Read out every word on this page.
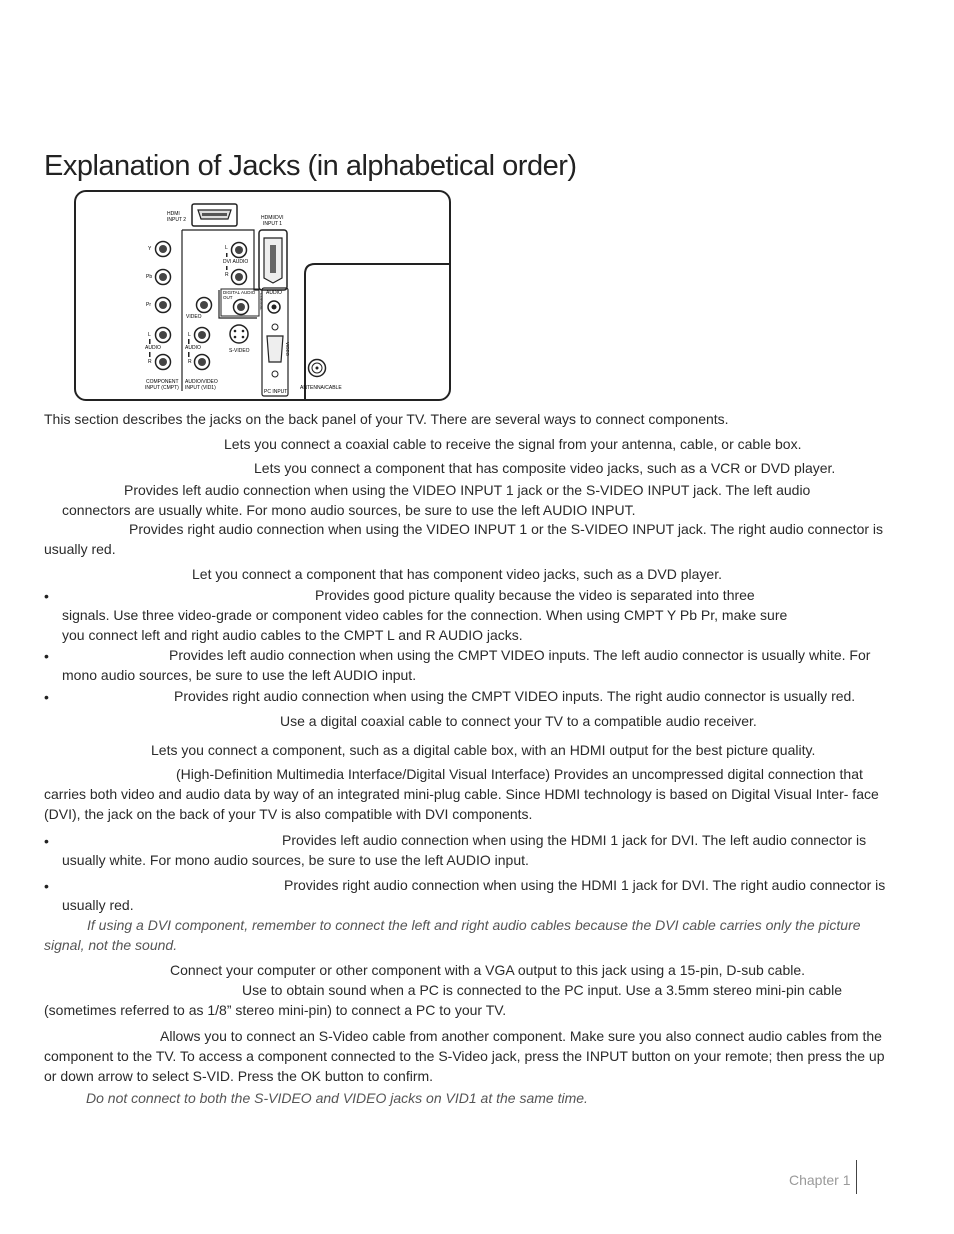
Explanation of Jacks (in alphabetical order)
HDMI
INPUT 2	HDMI/DVI
INPUT 1
Y
Pb
Pr
L
AUDIO
R
COMPONENT
INPUT (CMPT)
VIDEO
L
AUDIO
R
S-VIDEO
AUDIO/VIDEO
INPUT (VID1)
L
DVI AUDIO
R
DIGITAL AUDIO
OUT	COAXIAL AUDIO
VIDEO
PC INPUT
ANTENNA/CABLE

This section describes the jacks on the back panel of your TV. There are several ways to connect components.

Lets you connect a coaxial cable to receive the signal from your antenna, cable, or cable box.

Lets you connect a component that has composite video jacks, such as a VCR or DVD player.

Provides left audio connection when using the VIDEO INPUT 1 jack or the S-VIDEO INPUT jack. The left audio connectors are usually white. For mono audio sources, be sure to use the left AUDIO INPUT.

Provides right audio connection when using the VIDEO INPUT 1 or the S-VIDEO INPUT jack. The right audio connector is usually red.

Let you connect a component that has component video jacks, such as a DVD player.

•	Provides good picture quality because the video is separated into three signals. Use three video-grade or component video cables for the connection. When using CMPT Y Pb Pr, make sure you connect left and right audio cables to the CMPT L and R AUDIO jacks.

•	Provides left audio connection when using the CMPT VIDEO inputs. The left audio connector is usually white. For mono audio sources, be sure to use the left AUDIO input.

•	Provides right audio connection when using the CMPT VIDEO inputs. The right audio connector is usually red.

Use a digital coaxial cable to connect your TV to a compatible audio receiver.

Lets you connect a component, such as a digital cable box, with an HDMI output for the best picture quality.

(High-Definition Multimedia Interface/Digital Visual Interface) Provides an uncompressed digital connection that carries both video and audio data by way of an integrated mini-plug cable. Since HDMI technology is based on Digital Visual Inter- face (DVI), the jack on the back of your TV is also compatible with DVI components.

•	Provides left audio connection when using the HDMI 1 jack for DVI. The left audio connector is usually white. For mono audio sources, be sure to use the left AUDIO input.

•	Provides right audio connection when using the HDMI 1 jack for DVI. The right audio connector is usually red.

If using a DVI component, remember to connect the left and right audio cables because the DVI cable carries only the picture signal, not the sound.

Connect your computer or other component with a VGA output to this jack using a 15-pin, D-sub cable.

Use to obtain sound when a PC is connected to the PC input. Use a 3.5mm stereo mini-pin cable (sometimes referred to as 1/8” stereo mini-pin) to connect a PC to your TV.

Allows you to connect an S-Video cable from another component. Make sure you also connect audio cables from the component to the TV. To access a component connected to the S-Video jack, press the INPUT button on your remote; then press the up or down arrow to select S-VID. Press the OK button to confirm.

Do not connect to both the S-VIDEO and VIDEO jacks on VID1 at the same time.

Chapter 1
